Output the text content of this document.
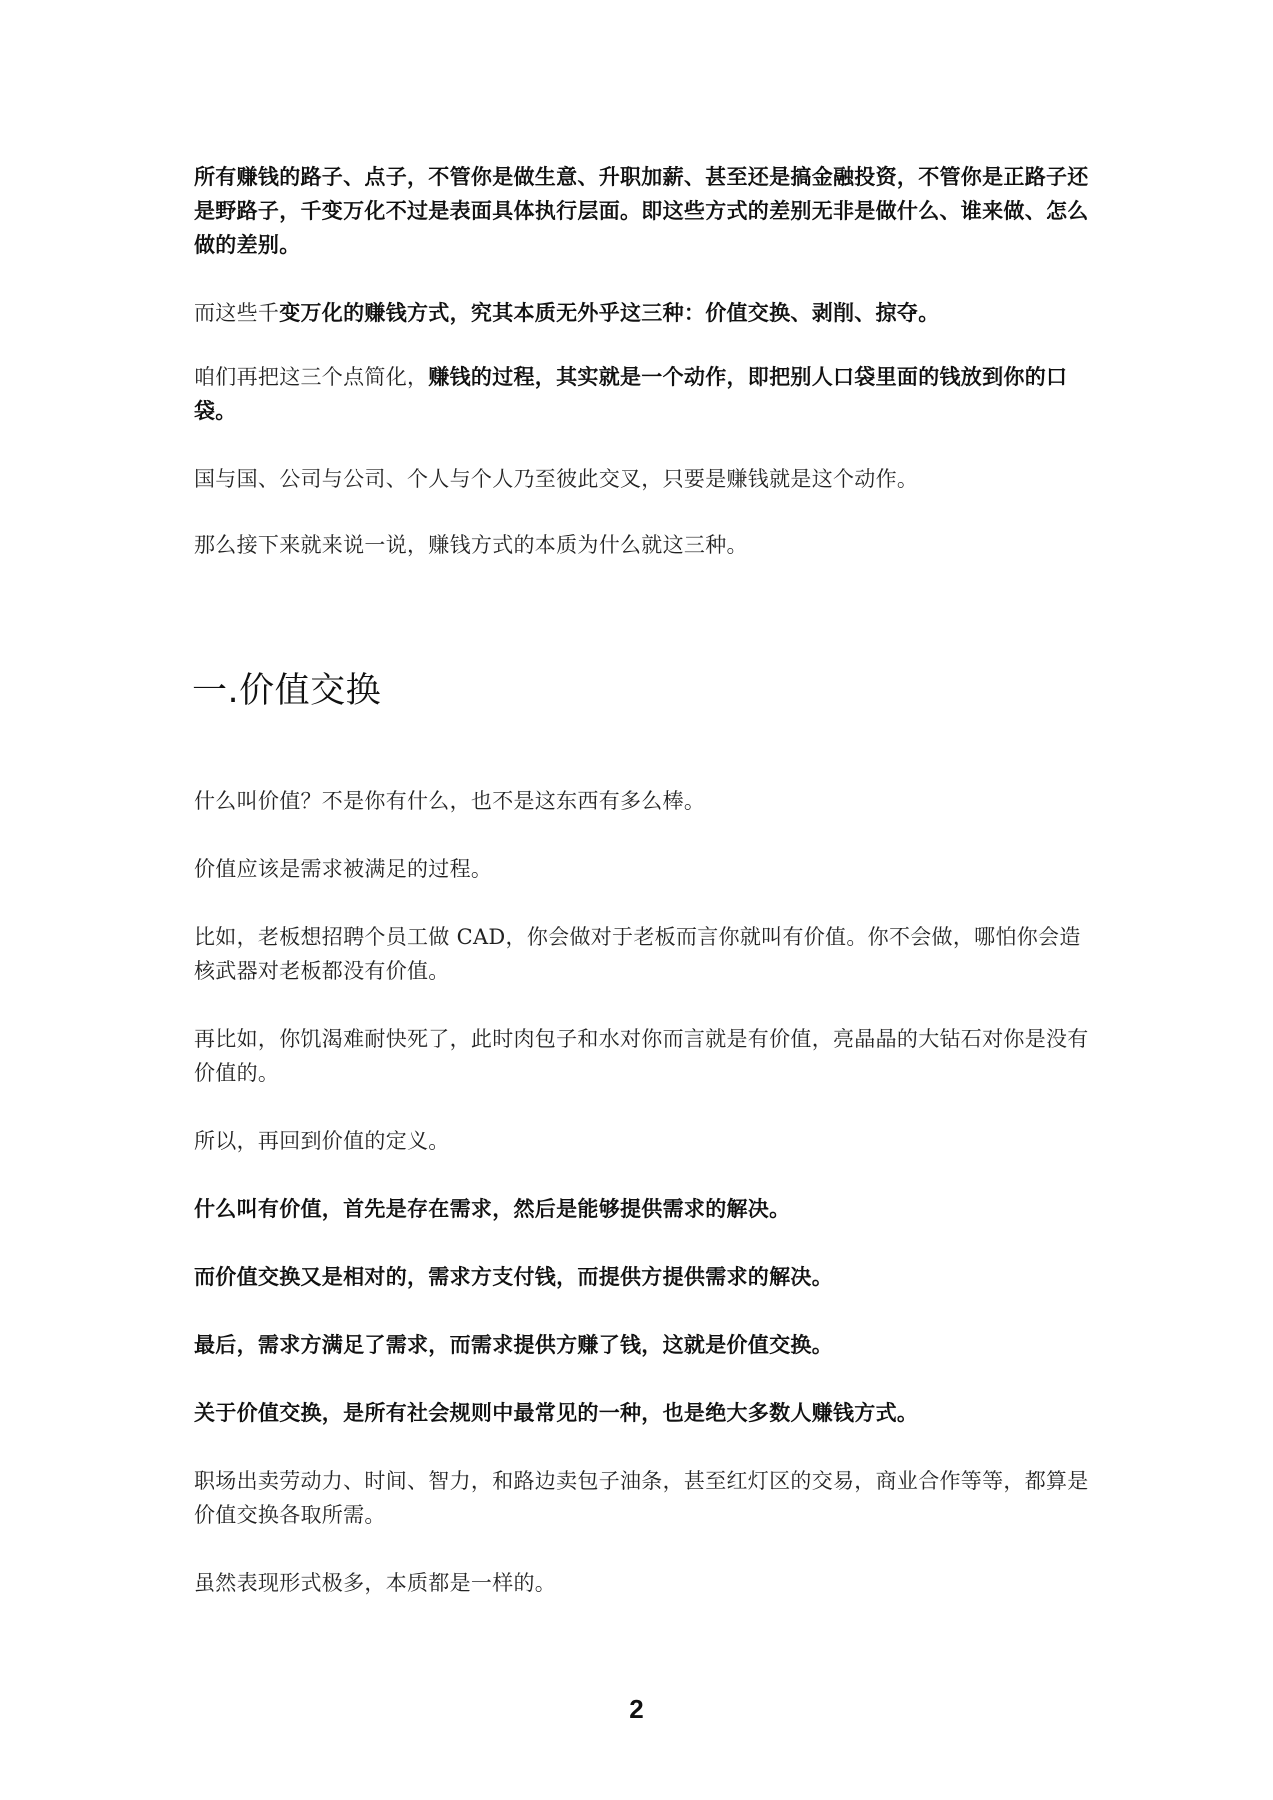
所有赚钱的路子、点子，不管你是做生意、升职加薪、甚至还是搞金融投资，不管你是正路子还是野路子，千变万化不过是表面具体执行层面。即这些方式的差别无非是做什么、谁来做、怎么做的差别。

而这些千变万化的赚钱方式，究其本质无外乎这三种：价值交换、剥削、掠夺。

咱们再把这三个点简化，赚钱的过程，其实就是一个动作，即把别人口袋里面的钱放到你的口袋。

国与国、公司与公司、个人与个人乃至彼此交叉，只要是赚钱就是这个动作。

那么接下来就来说一说，赚钱方式的本质为什么就这三种。

一.价值交换

什么叫价值？不是你有什么，也不是这东西有多么棒。

价值应该是需求被满足的过程。

比如，老板想招聘个员工做 CAD，你会做对于老板而言你就叫有价值。你不会做，哪怕你会造核武器对老板都没有价值。

再比如，你饥渴难耐快死了，此时肉包子和水对你而言就是有价值，亮晶晶的大钻石对你是没有价值的。

所以，再回到价值的定义。

什么叫有价值，首先是存在需求，然后是能够提供需求的解决。

而价值交换又是相对的，需求方支付钱，而提供方提供需求的解决。

最后，需求方满足了需求，而需求提供方赚了钱，这就是价值交换。

关于价值交换，是所有社会规则中最常见的一种，也是绝大多数人赚钱方式。

职场出卖劳动力、时间、智力，和路边卖包子油条，甚至红灯区的交易，商业合作等等，都算是价值交换各取所需。

虽然表现形式极多，本质都是一样的。

2
